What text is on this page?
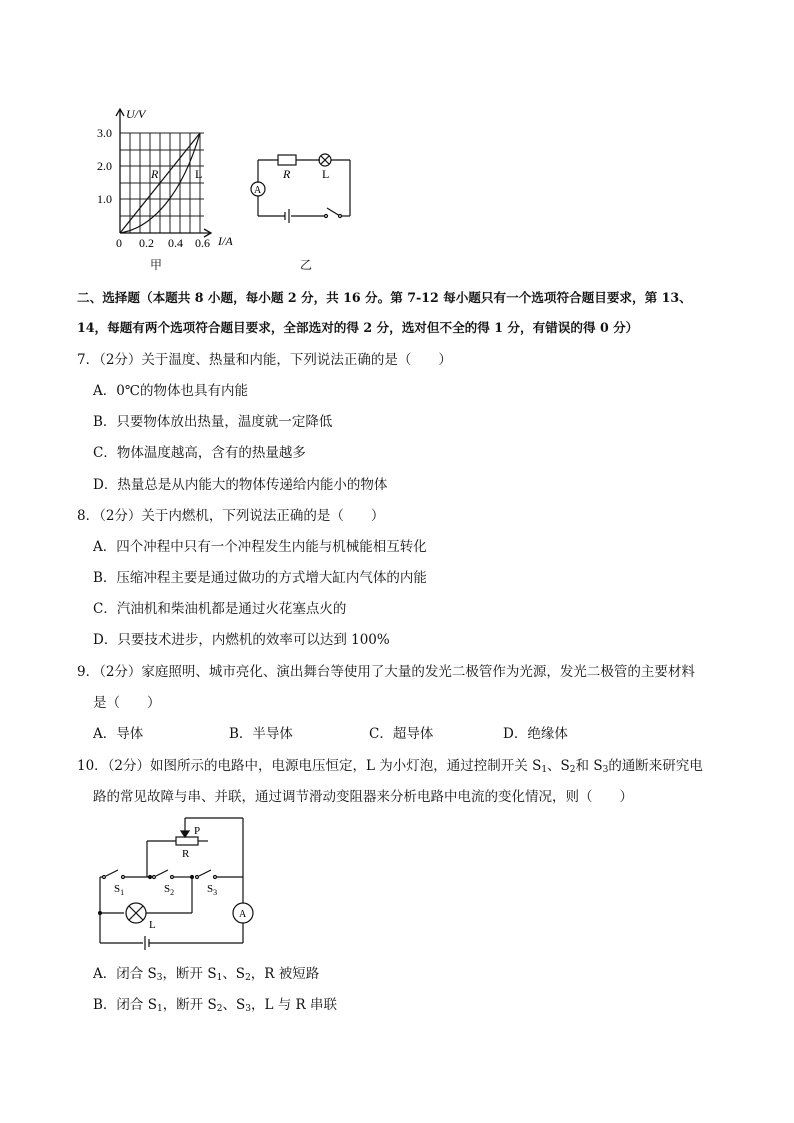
U/V
3.0
2.0
1.0
0 0.2 0.4 0.6 I/A
R	L
甲
R	L
A
乙
二、选择题（本题共 8 小题，每小题 2 分，共 16 分。第 7-12 每小题只有一个选项符合题目要求，第 13、
14，每题有两个选项符合题目要求，全部选对的得 2 分，选对但不全的得 1 分，有错误的得 0 分）
7．（2分）关于温度、热量和内能，下列说法正确的是（　　）
A．0℃的物体也具有内能
B．只要物体放出热量，温度就一定降低
C．物体温度越高，含有的热量越多
D．热量总是从内能大的物体传递给内能小的物体
8．（2分）关于内燃机，下列说法正确的是（　　）
A．四个冲程中只有一个冲程发生内能与机械能相互转化
B．压缩冲程主要是通过做功的方式增大缸内气体的内能
C．汽油机和柴油机都是通过火花塞点火的
D．只要技术进步，内燃机的效率可以达到 100%
9．（2分）家庭照明、城市亮化、演出舞台等使用了大量的发光二极管作为光源，发光二极管的主要材料
是（　　）
A．导体	B．半导体	C．超导体	D．绝缘体
10．（2分）如图所示的电路中，电源电压恒定，L 为小灯泡，通过控制开关 $S_1$、$S_2$和 $S_3$的通断来研究电
路的常见故障与串、并联，通过调节滑动变阻器来分析电路中电流的变化情况，则（　　）
P
R
L
A
$S_1$	$S_2$	$S_3$
A．闭合 $S_3$，断开 $S_1$、$S_2$，R 被短路
B．闭合 $S_1$，断开 $S_2$、$S_3$，L 与 R 串联
